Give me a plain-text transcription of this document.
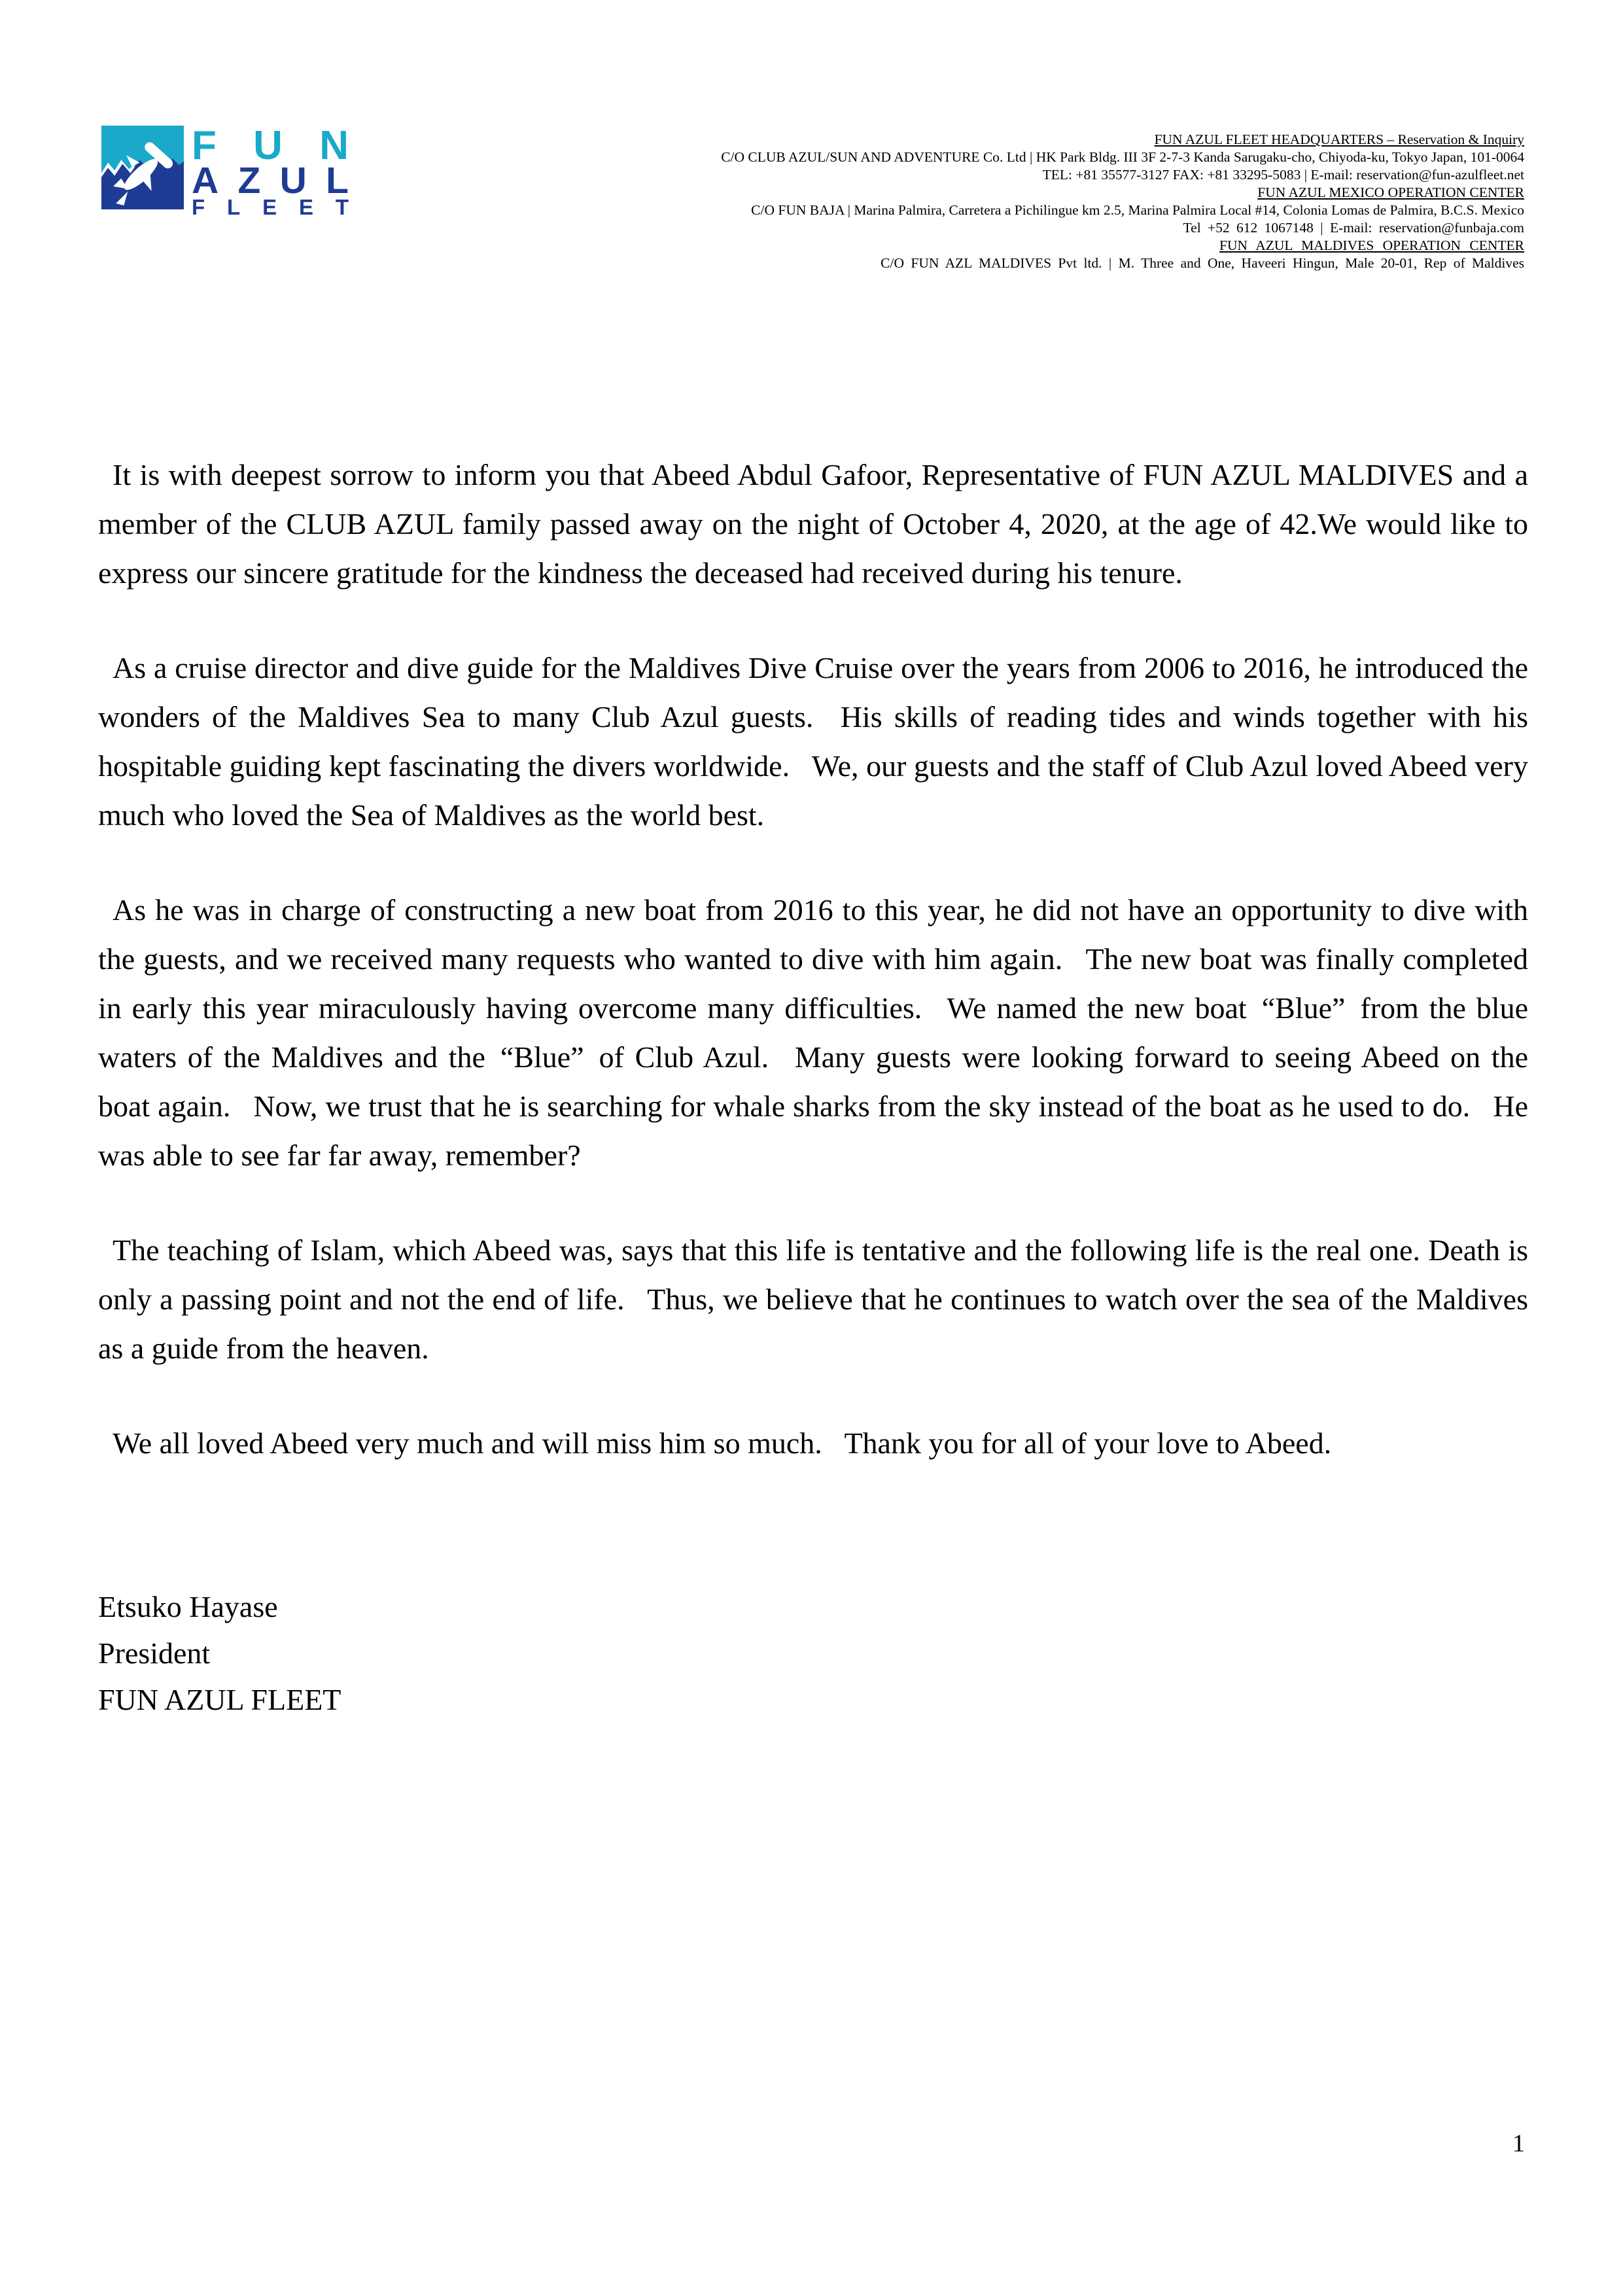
F U N
A Z U L
F L E E T
FUN AZUL FLEET HEADQUARTERS – Reservation & Inquiry
C/O CLUB AZUL/SUN AND ADVENTURE Co. Ltd | HK Park Bldg. III 3F 2-7-3 Kanda Sarugaku-cho, Chiyoda-ku, Tokyo Japan, 101-0064
TEL: +81 35577-3127 FAX: +81 33295-5083 | E-mail: reservation@fun-azulfleet.net
FUN AZUL MEXICO OPERATION CENTER
C/O FUN BAJA | Marina Palmira, Carretera a Pichilingue km 2.5, Marina Palmira Local #14, Colonia Lomas de Palmira, B.C.S. Mexico
Tel +52 612 1067148 | E-mail: reservation@funbaja.com
FUN AZUL MALDIVES OPERATION CENTER
C/O FUN AZL MALDIVES Pvt ltd. | M. Three and One, Haveeri Hingun, Male 20-01, Rep of Maldives

It is with deepest sorrow to inform you that Abeed Abdul Gafoor, Representative of FUN AZUL MALDIVES and a member of the CLUB AZUL family passed away on the night of October 4, 2020, at the age of 42.We would like to express our sincere gratitude for the kindness the deceased had received during his tenure.

As a cruise director and dive guide for the Maldives Dive Cruise over the years from 2006 to 2016, he introduced the wonders of the Maldives Sea to many Club Azul guests.  His skills of reading tides and winds together with his hospitable guiding kept fascinating the divers worldwide.  We, our guests and the staff of Club Azul loved Abeed very much who loved the Sea of Maldives as the world best.

As he was in charge of constructing a new boat from 2016 to this year, he did not have an opportunity to dive with the guests, and we received many requests who wanted to dive with him again.  The new boat was finally completed in early this year miraculously having overcome many difficulties.  We named the new boat “Blue” from the blue waters of the Maldives and the “Blue” of Club Azul.  Many guests were looking forward to seeing Abeed on the boat again.  Now, we trust that he is searching for whale sharks from the sky instead of the boat as he used to do.  He was able to see far far away, remember?

The teaching of Islam, which Abeed was, says that this life is tentative and the following life is the real one. Death is only a passing point and not the end of life.  Thus, we believe that he continues to watch over the sea of the Maldives as a guide from the heaven.

We all loved Abeed very much and will miss him so much.  Thank you for all of your love to Abeed.

Etsuko Hayase
President
FUN AZUL FLEET
1
